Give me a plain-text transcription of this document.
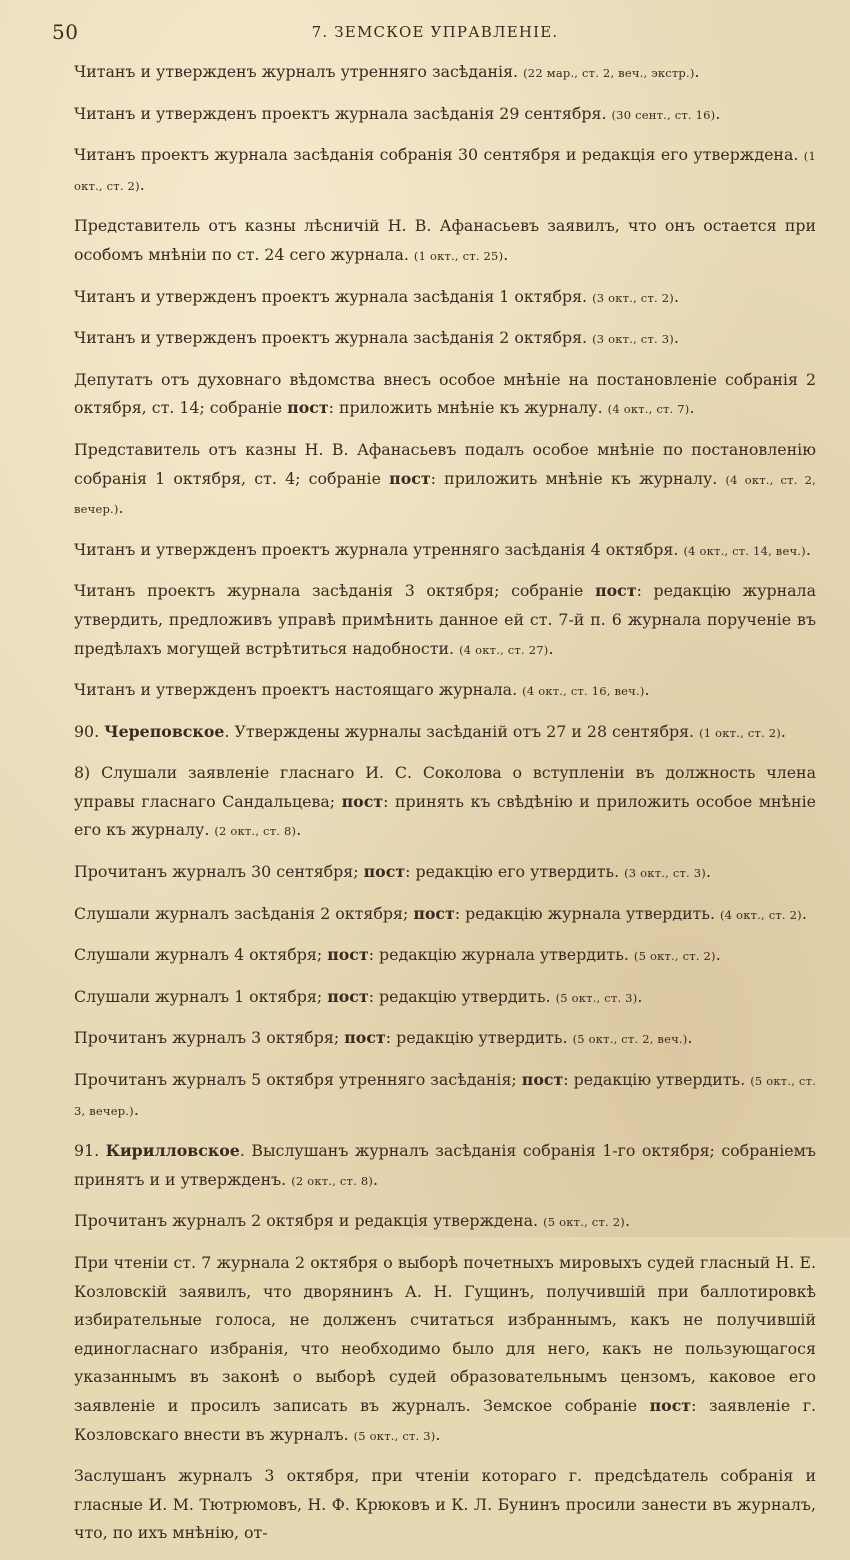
50	7. ЗЕМСКОЕ УПРАВЛЕНІЕ.

Читанъ и утвержденъ журналъ утренняго засѣданія. (22 мар., ст. 2, веч., экстр.).

Читанъ и утвержденъ проектъ журнала засѣданія 29 сентября. (30 сент., ст. 16).

Читанъ проектъ журнала засѣданія собранія 30 сентября и редакція его утверждена. (1 окт., ст. 2).

Представитель отъ казны лѣсничій Н. В. Афанасьевъ заявилъ, что онъ остается при особомъ мнѣніи по ст. 24 сего журнала. (1 окт., ст. 25).

Читанъ и утвержденъ проектъ журнала засѣданія 1 октября. (3 окт., ст. 2).

Читанъ и утвержденъ проектъ журнала засѣданія 2 октября. (3 окт., ст. 3).

Депутатъ отъ духовнаго вѣдомства внесъ особое мнѣніе на постановленіе собранія 2 октября, ст. 14; собраніе пост: приложить мнѣніе къ журналу. (4 окт., ст. 7).

Представитель отъ казны Н. В. Афанасьевъ подалъ особое мнѣніе по постановленію собранія 1 октября, ст. 4; собраніе пост: приложить мнѣніе къ журналу. (4 окт., ст. 2, вечер.).

Читанъ и утвержденъ проектъ журнала утренняго засѣданія 4 октября. (4 окт., ст. 14, веч.).

Читанъ проектъ журнала засѣданія 3 октября; собраніе пост: редакцію журнала утвердить, предложивъ управѣ примѣнить данное ей ст. 7-й п. 6 журнала порученіе въ предѣлахъ могущей встрѣтиться надобности. (4 окт., ст. 27).

Читанъ и утвержденъ проектъ настоящаго журнала. (4 окт., ст. 16, веч.).

90. Череповское. Утверждены журналы засѣданій отъ 27 и 28 сентября. (1 окт., ст. 2).

8) Слушали заявленіе гласнаго И. С. Соколова о вступленіи въ должность члена управы гласнаго Сандальцева; пост: принять къ свѣдѣнію и приложить особое мнѣніе его къ журналу. (2 окт., ст. 8).

Прочитанъ журналъ 30 сентября; пост: редакцію его утвердить. (3 окт., ст. 3).

Слушали журналъ засѣданія 2 октября; пост: редакцію журнала утвердить. (4 окт., ст. 2).

Слушали журналъ 4 октября; пост: редакцію журнала утвердить. (5 окт., ст. 2).

Слушали журналъ 1 октября; пост: редакцію утвердить. (5 окт., ст. 3).

Прочитанъ журналъ 3 октября; пост: редакцію утвердить. (5 окт., ст. 2, веч.).

Прочитанъ журналъ 5 октября утренняго засѣданія; пост: редакцію утвердить. (5 окт., ст. 3, вечер.).

91. Кирилловское. Выслушанъ журналъ засѣданія собранія 1-го октября; собраніемъ принятъ и и утвержденъ. (2 окт., ст. 8).

Прочитанъ журналъ 2 октября и редакція утверждена. (5 окт., ст. 2).

При чтеніи ст. 7 журнала 2 октября о выборѣ почетныхъ мировыхъ судей гласный Н. Е. Козловскій заявилъ, что дворянинъ А. Н. Гущинъ, получившій при баллотировкѣ избирательные голоса, не долженъ считаться избраннымъ, какъ не получившій единогласнаго избранія, что необходимо было для него, какъ не пользующагося указаннымъ въ законѣ о выборѣ судей образовательнымъ цензомъ, каковое его заявленіе и просилъ записать въ журналъ. Земское собраніе пост: заявленіе г. Козловскаго внести въ журналъ. (5 окт., ст. 3).

Заслушанъ журналъ 3 октября, при чтеніи котораго г. предсѣдатель собранія и гласные И. М. Тютрюмовъ, Н. Ф. Крюковъ и К. Л. Бунинъ просили занести въ журналъ, что, по ихъ мнѣнію, от-
